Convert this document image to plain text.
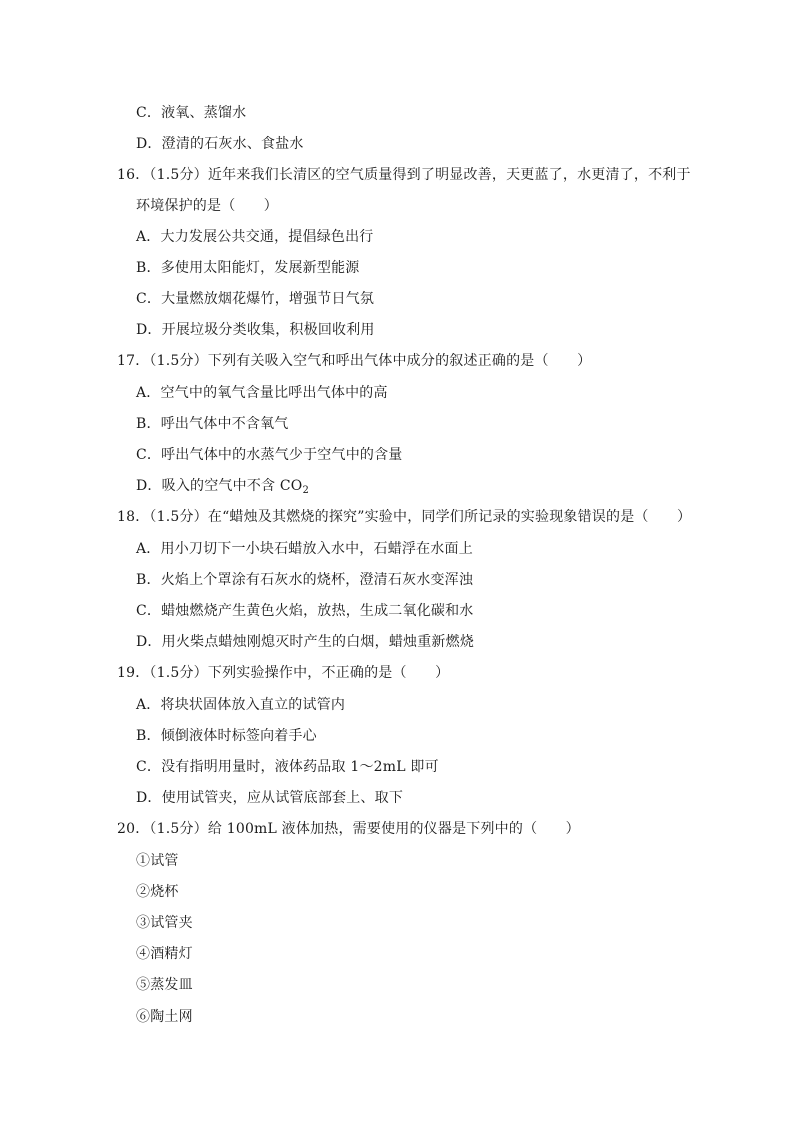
C．液氧、蒸馏水
D．澄清的石灰水、食盐水
16．（1.5分）近年来我们长清区的空气质量得到了明显改善，天更蓝了，水更清了，不利于
环境保护的是（　　）
A．大力发展公共交通，提倡绿色出行
B．多使用太阳能灯，发展新型能源
C．大量燃放烟花爆竹，增强节日气氛
D．开展垃圾分类收集，积极回收利用
17．（1.5分）下列有关吸入空气和呼出气体中成分的叙述正确的是（　　）
A．空气中的氧气含量比呼出气体中的高
B．呼出气体中不含氧气
C．呼出气体中的水蒸气少于空气中的含量
D．吸入的空气中不含 $CO_2$
18．（1.5分）在“蜡烛及其燃烧的探究”实验中，同学们所记录的实验现象错误的是（　　）
A．用小刀切下一小块石蜡放入水中，石蜡浮在水面上
B．火焰上个罩涂有石灰水的烧杯，澄清石灰水变浑浊
C．蜡烛燃烧产生黄色火焰，放热，生成二氧化碳和水
D．用火柴点蜡烛刚熄灭时产生的白烟，蜡烛重新燃烧
19．（1.5分）下列实验操作中，不正确的是（　　）
A．将块状固体放入直立的试管内
B．倾倒液体时标签向着手心
C．没有指明用量时，液体药品取 1～2mL 即可
D．使用试管夹，应从试管底部套上、取下
20．（1.5分）给 100mL 液体加热，需要使用的仪器是下列中的（　　）
①试管
②烧杯
③试管夹
④酒精灯
⑤蒸发皿
⑥陶土网
